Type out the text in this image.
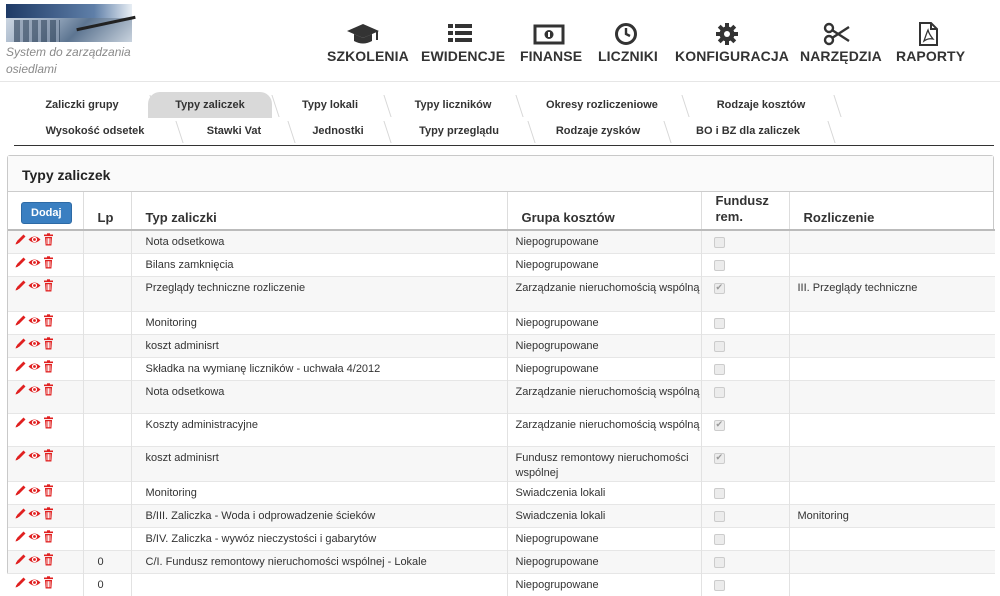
System do zarządzania osiedlami
SZKOLENIA EWIDENCJE FINANSE LICZNIKI KONFIGURACJA NARZĘDZIA RAPORTY
Zaliczki grupy	Typy zaliczek	Typy lokali	Typy liczników	Okresy rozliczeniowe	Rodzaje kosztów
Wysokość odsetek	Stawki Vat	Jednostki	Typy przeglądu	Rodzaje zysków	BO i BZ dla zaliczek
Typy zaliczek
Dodaj	Lp	Typ zaliczki	Grupa kosztów	Fundusz rem.	Rozliczenie
		Nota odsetkowa	Niepogrupowane		
		Bilans zamknięcia	Niepogrupowane		
		Przeglądy techniczne rozliczenie	Zarządzanie nieruchomością wspólną	✔	III. Przeglądy techniczne
		Monitoring	Niepogrupowane		
		koszt adminisrt	Niepogrupowane		
		Składka na wymianę liczników - uchwała 4/2012	Niepogrupowane		
		Nota odsetkowa	Zarządzanie nieruchomością wspólną		
		Koszty administracyjne	Zarządzanie nieruchomością wspólną	✔	
		koszt adminisrt	Fundusz remontowy nieruchomości wspólnej	✔	
		Monitoring	Swiadczenia lokali		
		B/III. Zaliczka - Woda i odprowadzenie ścieków	Swiadczenia lokali		Monitoring
		B/IV. Zaliczka - wywóz nieczystości i gabarytów	Niepogrupowane		
	0	C/I. Fundusz remontowy nieruchomości wspólnej - Lokale	Niepogrupowane		
	0		Niepogrupowane		
